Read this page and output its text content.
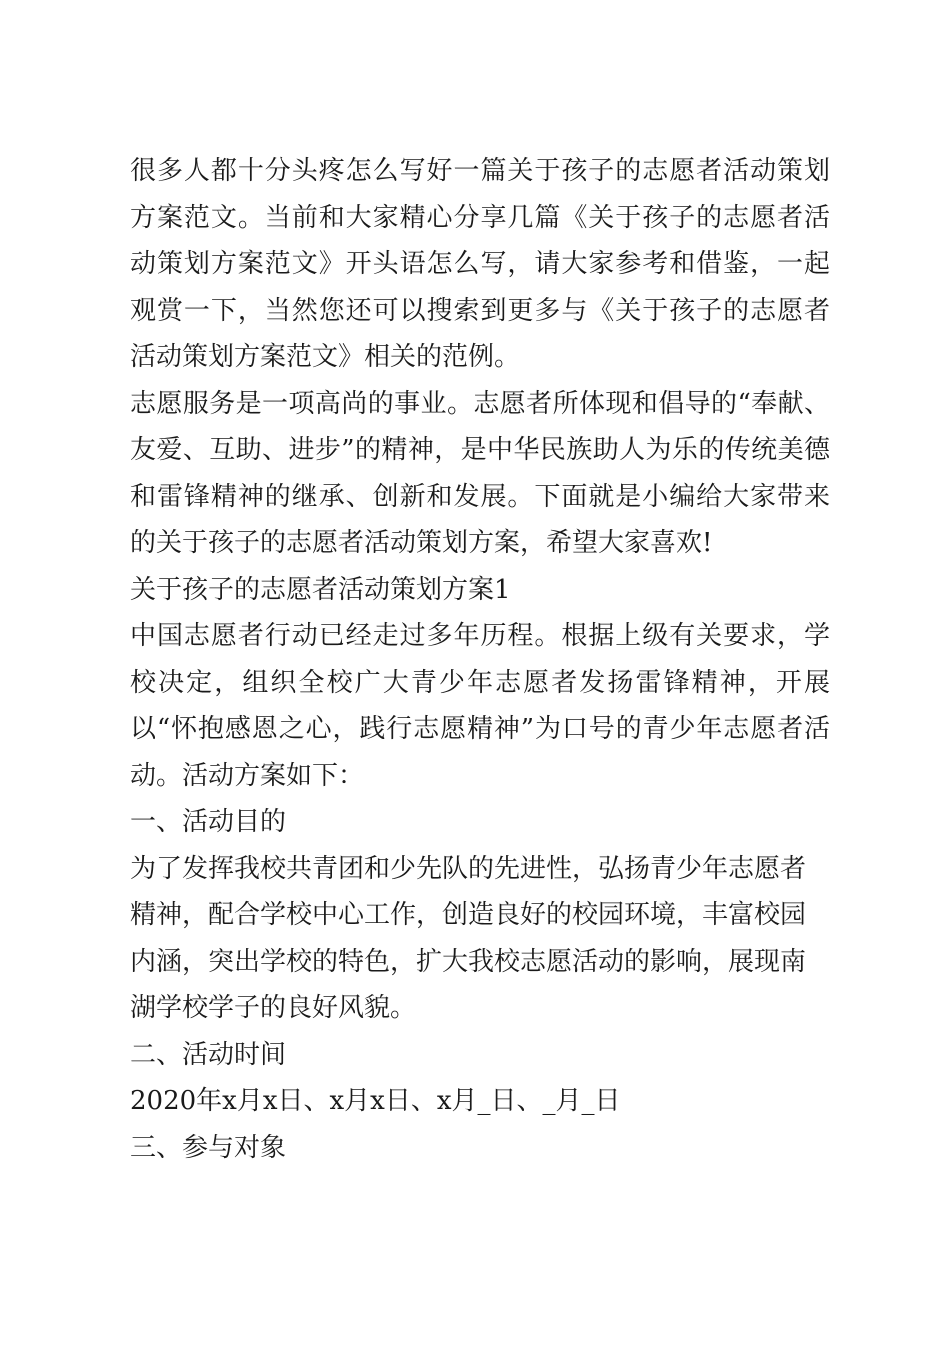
很多人都十分头疼怎么写好一篇关于孩子的志愿者活动策划方案范文。当前和大家精心分享几篇《关于孩子的志愿者活动策划方案范文》开头语怎么写，请大家参考和借鉴，一起观赏一下，当然您还可以搜索到更多与《关于孩子的志愿者活动策划方案范文》相关的范例。

志愿服务是一项高尚的事业。志愿者所体现和倡导的“奉献、友爱、互助、进步”的精神，是中华民族助人为乐的传统美德和雷锋精神的继承、创新和发展。下面就是小编给大家带来的关于孩子的志愿者活动策划方案，希望大家喜欢!

关于孩子的志愿者活动策划方案1

中国志愿者行动已经走过多年历程。根据上级有关要求，学校决定，组织全校广大青少年志愿者发扬雷锋精神，开展以“怀抱感恩之心，践行志愿精神”为口号的青少年志愿者活动。活动方案如下：

一、活动目的

为了发挥我校共青团和少先队的先进性，弘扬青少年志愿者精神，配合学校中心工作，创造良好的校园环境，丰富校园内涵，突出学校的特色，扩大我校志愿活动的影响，展现南湖学校学子的良好风貌。

二、活动时间

2020年x月x日、x月x日、x月_日、_月_日

三、参与对象
